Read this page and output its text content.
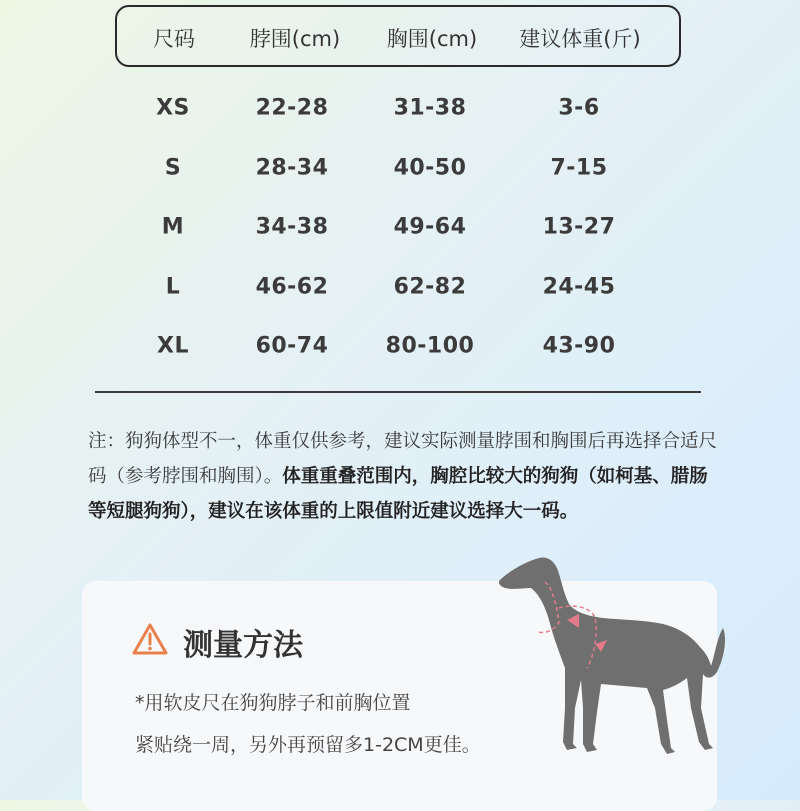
尺码	脖围(cm) 胸围(cm) 建议体重(斤)
XS	22-28	31-38	3-6
S	28-34	40-50	7-15
M	34-38	49-64	13-27
L	46-62	62-82	24-45
XL	60-74	80-100	43-90
注：狗狗体型不一，体重仅供参考，建议实际测量脖围和胸围后再选择合适尺码（参考脖围和胸围）。体重重叠范围内，胸腔比较大的狗狗（如柯基、腊肠等短腿狗狗），建议在该体重的上限值附近建议选择大一码。
测量方法
*用软皮尺在狗狗脖子和前胸位置
紧贴绕一周，另外再预留多1-2CM更佳。
